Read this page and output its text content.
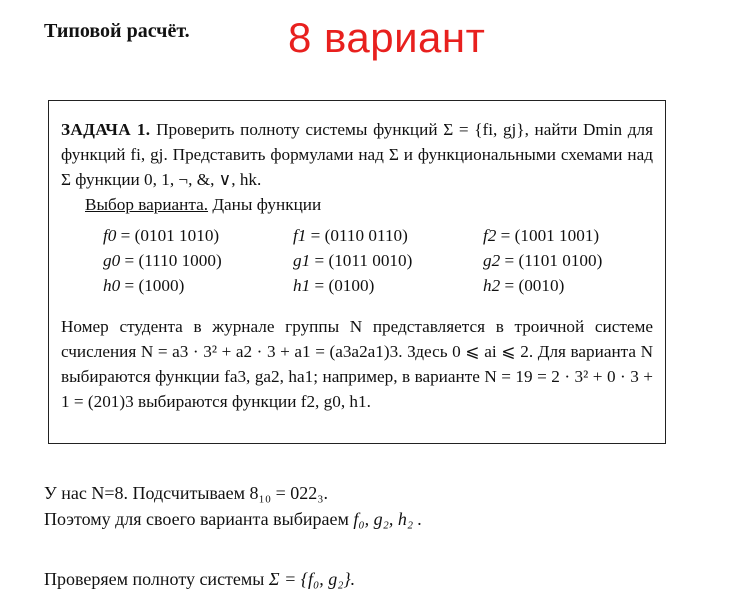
Типовой расчёт. 8 вариант

ЗАДАЧА 1. Проверить полноту системы функций Σ = {fi, gj}, найти Dmin для функций fi, gj. Представить формулами над Σ и функциональными схемами над Σ функции 0, 1, ¬, &, ∨, hk.

Выбор варианта. Даны функции

f0 = (0101 1010)	f1 = (0110 0110)	f2 = (1001 1001)
g0 = (1110 1000)	g1 = (1011 0010)	g2 = (1101 0100)
h0 = (1000)	h1 = (0100)	h2 = (0010)

Номер студента в журнале группы N представляется в троичной системе счисления N = a3 · 3² + a2 · 3 + a1 = (a3a2a1)3. Здесь 0 ⩽ ai ⩽ 2. Для варианта N выбираются функции fa3, ga2, ha1; например, в варианте N = 19 = 2 · 3² + 0 · 3 + 1 = (201)3 выбираются функции f2, g0, h1.

У нас N=8. Подсчитываем 8₁₀ = 022₃.
Поэтому для своего варианта выбираем f₀, g₂, h₂ .
Проверяем полноту системы Σ = {f₀, g₂}.
